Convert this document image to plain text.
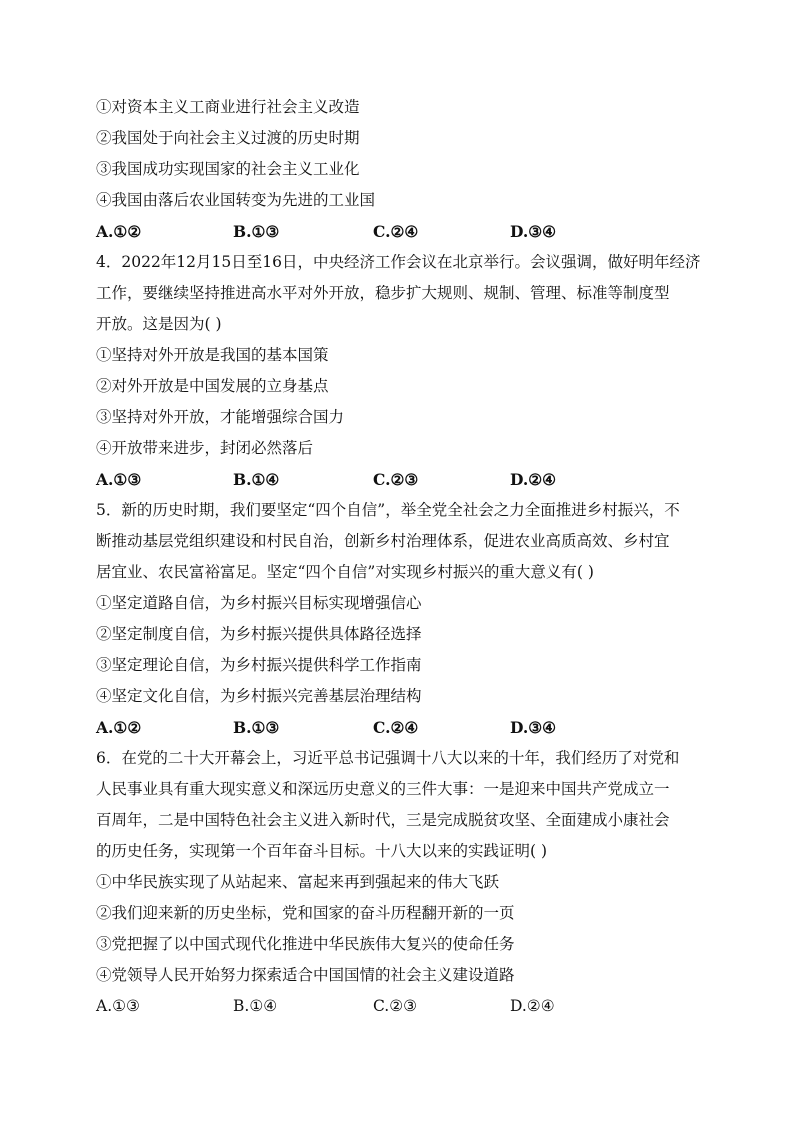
①对资本主义工商业进行社会主义改造
②我国处于向社会主义过渡的历史时期
③我国成功实现国家的社会主义工业化
④我国由落后农业国转变为先进的工业国
A.①②	B.①③	C.②④	D.③④
4．2022年12月15日至16日，中央经济工作会议在北京举行。会议强调，做好明年经济
工作，要继续坚持推进高水平对外开放，稳步扩大规则、规制、管理、标准等制度型
开放。这是因为( )
①坚持对外开放是我国的基本国策
②对外开放是中国发展的立身基点
③坚持对外开放，才能增强综合国力
④开放带来进步，封闭必然落后
A.①③	B.①④	C.②③	D.②④
5．新的历史时期，我们要坚定“四个自信”，举全党全社会之力全面推进乡村振兴，不
断推动基层党组织建设和村民自治，创新乡村治理体系，促进农业高质高效、乡村宜
居宜业、农民富裕富足。坚定“四个自信”对实现乡村振兴的重大意义有( )
①坚定道路自信，为乡村振兴目标实现增强信心
②坚定制度自信，为乡村振兴提供具体路径选择
③坚定理论自信，为乡村振兴提供科学工作指南
④坚定文化自信，为乡村振兴完善基层治理结构
A.①②	B.①③	C.②④	D.③④
6．在党的二十大开幕会上，习近平总书记强调十八大以来的十年，我们经历了对党和
人民事业具有重大现实意义和深远历史意义的三件大事：一是迎来中国共产党成立一
百周年，二是中国特色社会主义进入新时代，三是完成脱贫攻坚、全面建成小康社会
的历史任务，实现第一个百年奋斗目标。十八大以来的实践证明( )
①中华民族实现了从站起来、富起来再到强起来的伟大飞跃
②我们迎来新的历史坐标，党和国家的奋斗历程翻开新的一页
③党把握了以中国式现代化推进中华民族伟大复兴的使命任务
④党领导人民开始努力探索适合中国国情的社会主义建设道路
A.①③	B.①④	C.②③	D.②④
